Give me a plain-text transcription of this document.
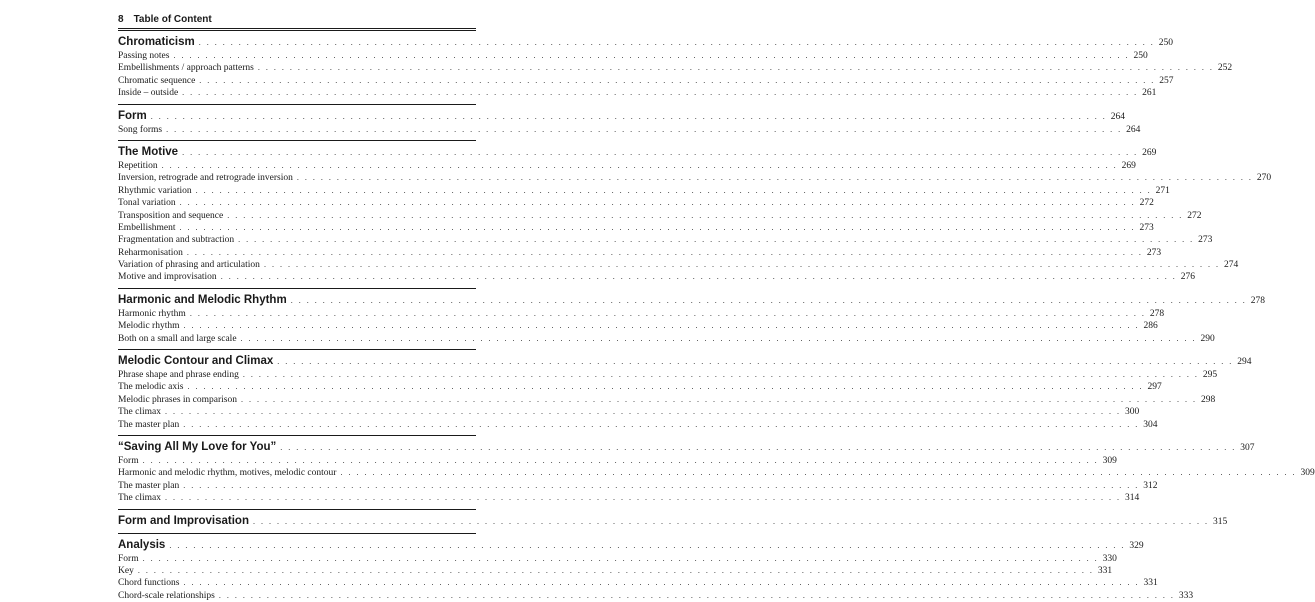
8 Table of Content
Chromaticism . . . . . . . . . . . . . . . . . . . . . . . . . . . . . . . . . . . . . . . . . . . . . . . . . . . . . . . . . . . . . . . . . . . . . . . . . . . . . . . . . . . . . . . . . . . . . . . . . . . . . . . . . . . . . . . . . . . . . . . . 250
Passing notes . . . . . . . . . . . . . . . . . . . . . . . . . . . . . . . . . . . . . . . . . . . . . . . . . . . . . . . . . . . . . . . . . . . . . . . . . . . . . . . . . . . . . . . . . . . . . . . . . . . . . . . . . . . . . . . . . . . . . . . . 250
Embellishments / approach patterns . . . . . . . . . . . . . . . . . . . . . . . . . . . . . . . . . . . . . . . . . . . . . . . . . . . . . . . . . . . . . . . . . . . . . . . . . . . . . . . . . . . . . . . . . . . . . . . . . . . . . . . . . . . . . . . . . . . . . . . . 252
Chromatic sequence . . . . . . . . . . . . . . . . . . . . . . . . . . . . . . . . . . . . . . . . . . . . . . . . . . . . . . . . . . . . . . . . . . . . . . . . . . . . . . . . . . . . . . . . . . . . . . . . . . . . . . . . . . . . . . . . . . . . . . . . 257
Inside – outside . . . . . . . . . . . . . . . . . . . . . . . . . . . . . . . . . . . . . . . . . . . . . . . . . . . . . . . . . . . . . . . . . . . . . . . . . . . . . . . . . . . . . . . . . . . . . . . . . . . . . . . . . . . . . . . . . . . . . . . . 261
Form . . . . . . . . . . . . . . . . . . . . . . . . . . . . . . . . . . . . . . . . . . . . . . . . . . . . . . . . . . . . . . . . . . . . . . . . . . . . . . . . . . . . . . . . . . . . . . . . . . . . . . . . . . . . . . . . . . . . . . . . 264
Song forms . . . . . . . . . . . . . . . . . . . . . . . . . . . . . . . . . . . . . . . . . . . . . . . . . . . . . . . . . . . . . . . . . . . . . . . . . . . . . . . . . . . . . . . . . . . . . . . . . . . . . . . . . . . . . . . . . . . . . . . . 264
The Motive . . . . . . . . . . . . . . . . . . . . . . . . . . . . . . . . . . . . . . . . . . . . . . . . . . . . . . . . . . . . . . . . . . . . . . . . . . . . . . . . . . . . . . . . . . . . . . . . . . . . . . . . . . . . . . . . . . . . . . . . 269
Repetition . . . . . . . . . . . . . . . . . . . . . . . . . . . . . . . . . . . . . . . . . . . . . . . . . . . . . . . . . . . . . . . . . . . . . . . . . . . . . . . . . . . . . . . . . . . . . . . . . . . . . . . . . . . . . . . . . . . . . . . . 269
Inversion, retrograde and retrograde inversion . . . . . . . . . . . . . . . . . . . . . . . . . . . . . . . . . . . . . . . . . . . . . . . . . . . . . . . . . . . . . . . . . . . . . . . . . . . . . . . . . . . . . . . . . . . . . . . . . . . . . . . . . . . . . . . . . . . . . . . . 270
Rhythmic variation . . . . . . . . . . . . . . . . . . . . . . . . . . . . . . . . . . . . . . . . . . . . . . . . . . . . . . . . . . . . . . . . . . . . . . . . . . . . . . . . . . . . . . . . . . . . . . . . . . . . . . . . . . . . . . . . . . . . . . . . 271
Tonal variation . . . . . . . . . . . . . . . . . . . . . . . . . . . . . . . . . . . . . . . . . . . . . . . . . . . . . . . . . . . . . . . . . . . . . . . . . . . . . . . . . . . . . . . . . . . . . . . . . . . . . . . . . . . . . . . . . . . . . . . . 272
Transposition and sequence . . . . . . . . . . . . . . . . . . . . . . . . . . . . . . . . . . . . . . . . . . . . . . . . . . . . . . . . . . . . . . . . . . . . . . . . . . . . . . . . . . . . . . . . . . . . . . . . . . . . . . . . . . . . . . . . . . . . . . . . 272
Embellishment . . . . . . . . . . . . . . . . . . . . . . . . . . . . . . . . . . . . . . . . . . . . . . . . . . . . . . . . . . . . . . . . . . . . . . . . . . . . . . . . . . . . . . . . . . . . . . . . . . . . . . . . . . . . . . . . . . . . . . . . 273
Fragmentation and subtraction . . . . . . . . . . . . . . . . . . . . . . . . . . . . . . . . . . . . . . . . . . . . . . . . . . . . . . . . . . . . . . . . . . . . . . . . . . . . . . . . . . . . . . . . . . . . . . . . . . . . . . . . . . . . . . . . . . . . . . . . 273
Reharmonisation . . . . . . . . . . . . . . . . . . . . . . . . . . . . . . . . . . . . . . . . . . . . . . . . . . . . . . . . . . . . . . . . . . . . . . . . . . . . . . . . . . . . . . . . . . . . . . . . . . . . . . . . . . . . . . . . . . . . . . . . 273
Variation of phrasing and articulation . . . . . . . . . . . . . . . . . . . . . . . . . . . . . . . . . . . . . . . . . . . . . . . . . . . . . . . . . . . . . . . . . . . . . . . . . . . . . . . . . . . . . . . . . . . . . . . . . . . . . . . . . . . . . . . . . . . . . . . . 274
Motive and improvisation . . . . . . . . . . . . . . . . . . . . . . . . . . . . . . . . . . . . . . . . . . . . . . . . . . . . . . . . . . . . . . . . . . . . . . . . . . . . . . . . . . . . . . . . . . . . . . . . . . . . . . . . . . . . . . . . . . . . . . . . 276
Harmonic and Melodic Rhythm . . . . . . . . . . . . . . . . . . . . . . . . . . . . . . . . . . . . . . . . . . . . . . . . . . . . . . . . . . . . . . . . . . . . . . . . . . . . . . . . . . . . . . . . . . . . . . . . . . . . . . . . . . . . . . . . . . . . . . . . 278
Harmonic rhythm . . . . . . . . . . . . . . . . . . . . . . . . . . . . . . . . . . . . . . . . . . . . . . . . . . . . . . . . . . . . . . . . . . . . . . . . . . . . . . . . . . . . . . . . . . . . . . . . . . . . . . . . . . . . . . . . . . . . . . . . 278
Melodic rhythm . . . . . . . . . . . . . . . . . . . . . . . . . . . . . . . . . . . . . . . . . . . . . . . . . . . . . . . . . . . . . . . . . . . . . . . . . . . . . . . . . . . . . . . . . . . . . . . . . . . . . . . . . . . . . . . . . . . . . . . . 286
Both on a small and large scale . . . . . . . . . . . . . . . . . . . . . . . . . . . . . . . . . . . . . . . . . . . . . . . . . . . . . . . . . . . . . . . . . . . . . . . . . . . . . . . . . . . . . . . . . . . . . . . . . . . . . . . . . . . . . . . . . . . . . . . . 290
Melodic Contour and Climax . . . . . . . . . . . . . . . . . . . . . . . . . . . . . . . . . . . . . . . . . . . . . . . . . . . . . . . . . . . . . . . . . . . . . . . . . . . . . . . . . . . . . . . . . . . . . . . . . . . . . . . . . . . . . . . . . . . . . . . . 294
Phrase shape and phrase ending . . . . . . . . . . . . . . . . . . . . . . . . . . . . . . . . . . . . . . . . . . . . . . . . . . . . . . . . . . . . . . . . . . . . . . . . . . . . . . . . . . . . . . . . . . . . . . . . . . . . . . . . . . . . . . . . . . . . . . . . 295
The melodic axis . . . . . . . . . . . . . . . . . . . . . . . . . . . . . . . . . . . . . . . . . . . . . . . . . . . . . . . . . . . . . . . . . . . . . . . . . . . . . . . . . . . . . . . . . . . . . . . . . . . . . . . . . . . . . . . . . . . . . . . . 297
Melodic phrases in comparison . . . . . . . . . . . . . . . . . . . . . . . . . . . . . . . . . . . . . . . . . . . . . . . . . . . . . . . . . . . . . . . . . . . . . . . . . . . . . . . . . . . . . . . . . . . . . . . . . . . . . . . . . . . . . . . . . . . . . . . . 298
The climax . . . . . . . . . . . . . . . . . . . . . . . . . . . . . . . . . . . . . . . . . . . . . . . . . . . . . . . . . . . . . . . . . . . . . . . . . . . . . . . . . . . . . . . . . . . . . . . . . . . . . . . . . . . . . . . . . . . . . . . . 300
The master plan . . . . . . . . . . . . . . . . . . . . . . . . . . . . . . . . . . . . . . . . . . . . . . . . . . . . . . . . . . . . . . . . . . . . . . . . . . . . . . . . . . . . . . . . . . . . . . . . . . . . . . . . . . . . . . . . . . . . . . . . 304
“Saving All My Love for You” . . . . . . . . . . . . . . . . . . . . . . . . . . . . . . . . . . . . . . . . . . . . . . . . . . . . . . . . . . . . . . . . . . . . . . . . . . . . . . . . . . . . . . . . . . . . . . . . . . . . . . . . . . . . . . . . . . . . . . . . 307
Form . . . . . . . . . . . . . . . . . . . . . . . . . . . . . . . . . . . . . . . . . . . . . . . . . . . . . . . . . . . . . . . . . . . . . . . . . . . . . . . . . . . . . . . . . . . . . . . . . . . . . . . . . . . . . . . . . . . . . . . . 309
Harmonic and melodic rhythm, motives, melodic contour . . . . . . . . . . . . . . . . . . . . . . . . . . . . . . . . . . . . . . . . . . . . . . . . . . . . . . . . . . . . . . . . . . . . . . . . . . . . . . . . . . . . . . . . . . . . . . . . . . . . . . . . . . . . . . . . . . . . . . . . 309
The master plan . . . . . . . . . . . . . . . . . . . . . . . . . . . . . . . . . . . . . . . . . . . . . . . . . . . . . . . . . . . . . . . . . . . . . . . . . . . . . . . . . . . . . . . . . . . . . . . . . . . . . . . . . . . . . . . . . . . . . . . . 312
The climax . . . . . . . . . . . . . . . . . . . . . . . . . . . . . . . . . . . . . . . . . . . . . . . . . . . . . . . . . . . . . . . . . . . . . . . . . . . . . . . . . . . . . . . . . . . . . . . . . . . . . . . . . . . . . . . . . . . . . . . . 314
Form and Improvisation . . . . . . . . . . . . . . . . . . . . . . . . . . . . . . . . . . . . . . . . . . . . . . . . . . . . . . . . . . . . . . . . . . . . . . . . . . . . . . . . . . . . . . . . . . . . . . . . . . . . . . . . . . . . . . . . . . . . . . . . 315
Analysis . . . . . . . . . . . . . . . . . . . . . . . . . . . . . . . . . . . . . . . . . . . . . . . . . . . . . . . . . . . . . . . . . . . . . . . . . . . . . . . . . . . . . . . . . . . . . . . . . . . . . . . . . . . . . . . . . . . . . . . . 329
Form . . . . . . . . . . . . . . . . . . . . . . . . . . . . . . . . . . . . . . . . . . . . . . . . . . . . . . . . . . . . . . . . . . . . . . . . . . . . . . . . . . . . . . . . . . . . . . . . . . . . . . . . . . . . . . . . . . . . . . . . 330
Key . . . . . . . . . . . . . . . . . . . . . . . . . . . . . . . . . . . . . . . . . . . . . . . . . . . . . . . . . . . . . . . . . . . . . . . . . . . . . . . . . . . . . . . . . . . . . . . . . . . . . . . . . . . . . . . . . . . . . . . . 331
Chord functions . . . . . . . . . . . . . . . . . . . . . . . . . . . . . . . . . . . . . . . . . . . . . . . . . . . . . . . . . . . . . . . . . . . . . . . . . . . . . . . . . . . . . . . . . . . . . . . . . . . . . . . . . . . . . . . . . . . . . . . . 331
Chord-scale relationships . . . . . . . . . . . . . . . . . . . . . . . . . . . . . . . . . . . . . . . . . . . . . . . . . . . . . . . . . . . . . . . . . . . . . . . . . . . . . . . . . . . . . . . . . . . . . . . . . . . . . . . . . . . . . . . . . . . . . . . . 333
